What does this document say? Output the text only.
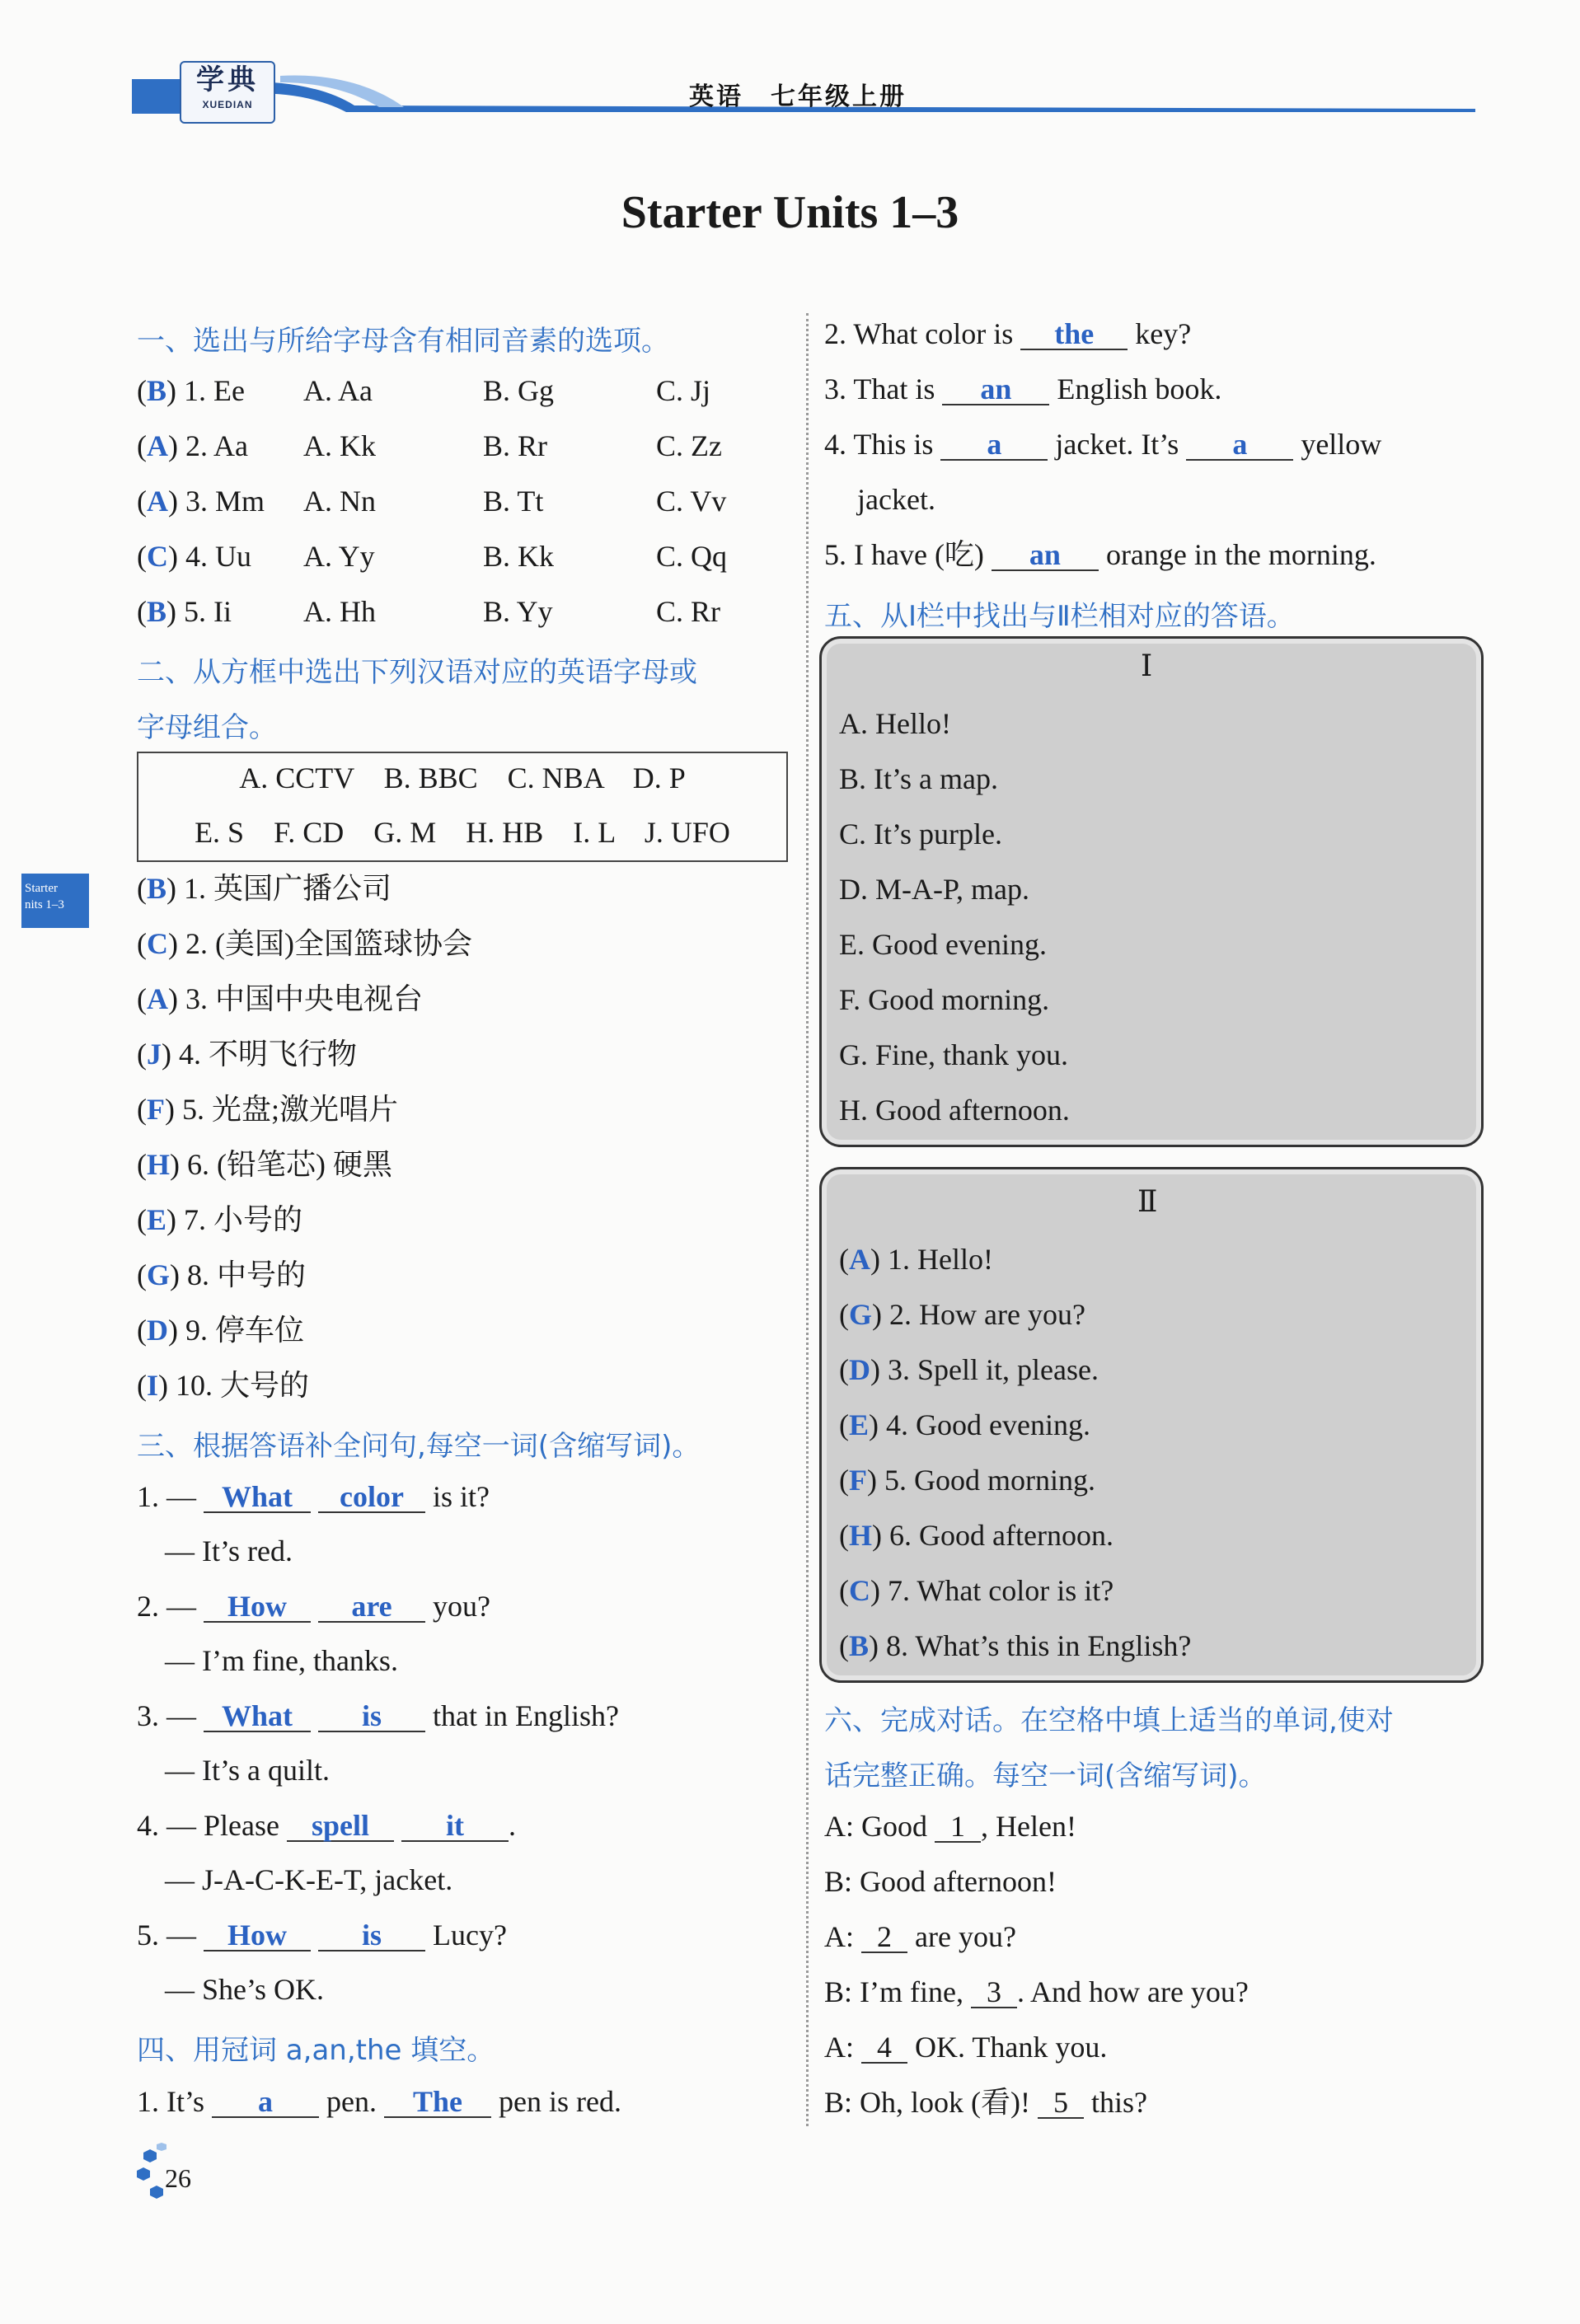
学典
XUEDIAN	英语　七年级上册
Starter Units 1–3
Starter
nits 1–3
一、选出与所给字母含有相同音素的选项。
(B) 1. Ee A. Aa	B. Gg	C. Jj
(A) 2. Aa A. Kk	B. Rr	C. Zz
(A) 3. Mm A. Nn	B. Tt	C. Vv
(C) 4. Uu A. Yy	B. Kk	C. Qq
(B) 5. Ii A. Hh	B. Yy	C. Rr
二、从方框中选出下列汉语对应的英语字母或
字母组合。
A. CCTV　B. BBC　C. NBA　D. P
E. S　F. CD　G. M　H. HB　I. L　J. UFO
(B) 1. 英国广播公司
(C) 2. (美国)全国篮球协会
(A) 3. 中国中央电视台
(J) 4. 不明飞行物
(F) 5. 光盘;激光唱片
(H) 6. (铅笔芯) 硬黑
(E) 7. 小号的
(G) 8. 中号的
(D) 9. 停车位
(I) 10. 大号的
三、根据答语补全问句,每空一词(含缩写词)。
1. — What color is it?
— It’s red.
2. — How are you?
— I’m fine, thanks.
3. — What is that in English?
— It’s a quilt.
4. — Please spell	it .
— J-A-C-K-E-T, jacket.
5. — How	is Lucy?
— She’s OK.
四、用冠词 a,an,the 填空。
1. It’s a pen. The pen is red.
2. What color is the key?
3. That is an English book.
4. This is a jacket. It’s a yellow
jacket.
5. I have (吃) an orange in the morning.
五、从Ⅰ栏中找出与Ⅱ栏相对应的答语。
Ⅰ
A. Hello!
B. It’s a map.
C. It’s purple.
D. M-A-P, map.
E. Good evening.
F. Good morning.
G. Fine, thank you.
H. Good afternoon.
Ⅱ
(A) 1. Hello!
(G) 2. How are you?
(D) 3. Spell it, please.
(E) 4. Good evening.
(F) 5. Good morning.
(H) 6. Good afternoon.
(C) 7. What color is it?
(B) 8. What’s this in English?
六、完成对话。在空格中填上适当的单词,使对
话完整正确。每空一词(含缩写词)。
A: Good 1 , Helen!
B: Good afternoon!
A: 2 are you?
B: I’m fine, 3 . And how are you?
A: 4 OK. Thank you.
B: Oh, look (看)! 5 this?
26
